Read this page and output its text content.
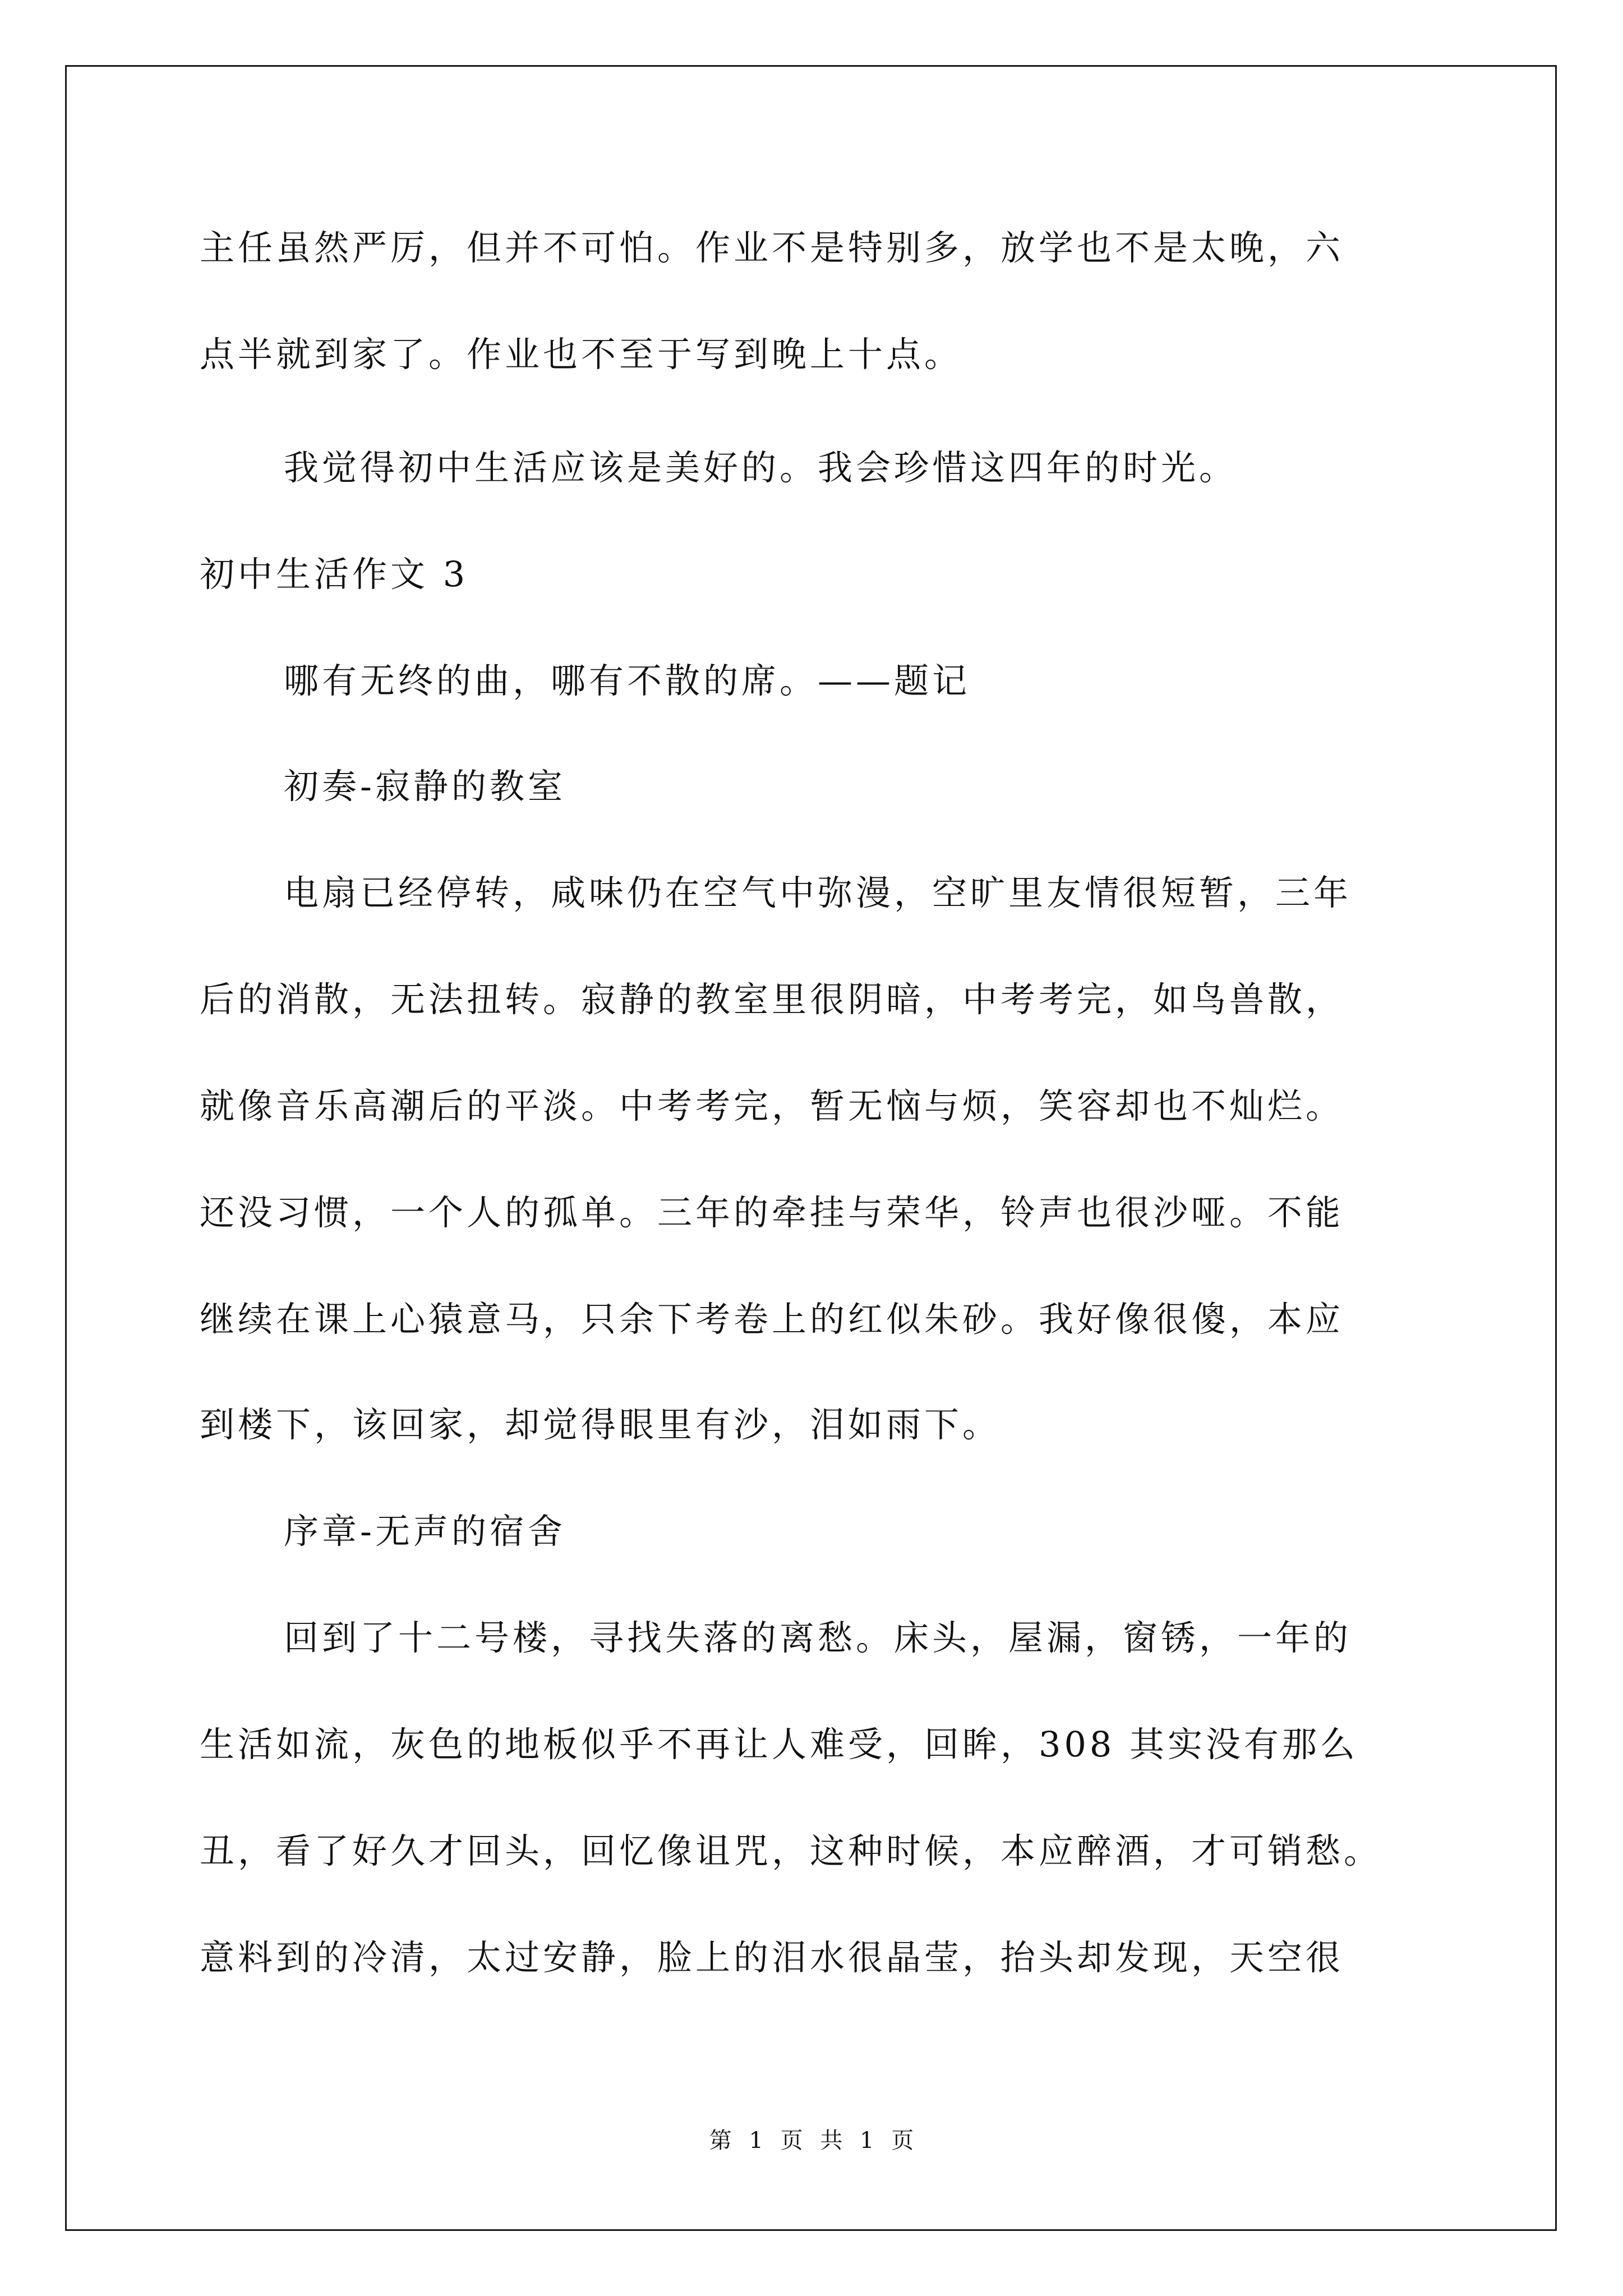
主任虽然严厉，但并不可怕。作业不是特别多，放学也不是太晚，六
点半就到家了。作业也不至于写到晚上十点。
我觉得初中生活应该是美好的。我会珍惜这四年的时光。
初中生活作文 3
哪有无终的曲，哪有不散的席。——题记
初奏-寂静的教室
电扇已经停转，咸味仍在空气中弥漫，空旷里友情很短暂，三年
后的消散，无法扭转。寂静的教室里很阴暗，中考考完，如鸟兽散，
就像音乐高潮后的平淡。中考考完，暂无恼与烦，笑容却也不灿烂。
还没习惯，一个人的孤单。三年的牵挂与荣华，铃声也很沙哑。不能
继续在课上心猿意马，只余下考卷上的红似朱砂。我好像很傻，本应
到楼下，该回家，却觉得眼里有沙，泪如雨下。
序章-无声的宿舍
回到了十二号楼，寻找失落的离愁。床头，屋漏，窗锈，一年的
生活如流，灰色的地板似乎不再让人难受，回眸，308 其实没有那么
丑，看了好久才回头，回忆像诅咒，这种时候，本应醉酒，才可销愁。
意料到的冷清，太过安静，脸上的泪水很晶莹，抬头却发现，天空很
第 1 页 共 1 页
